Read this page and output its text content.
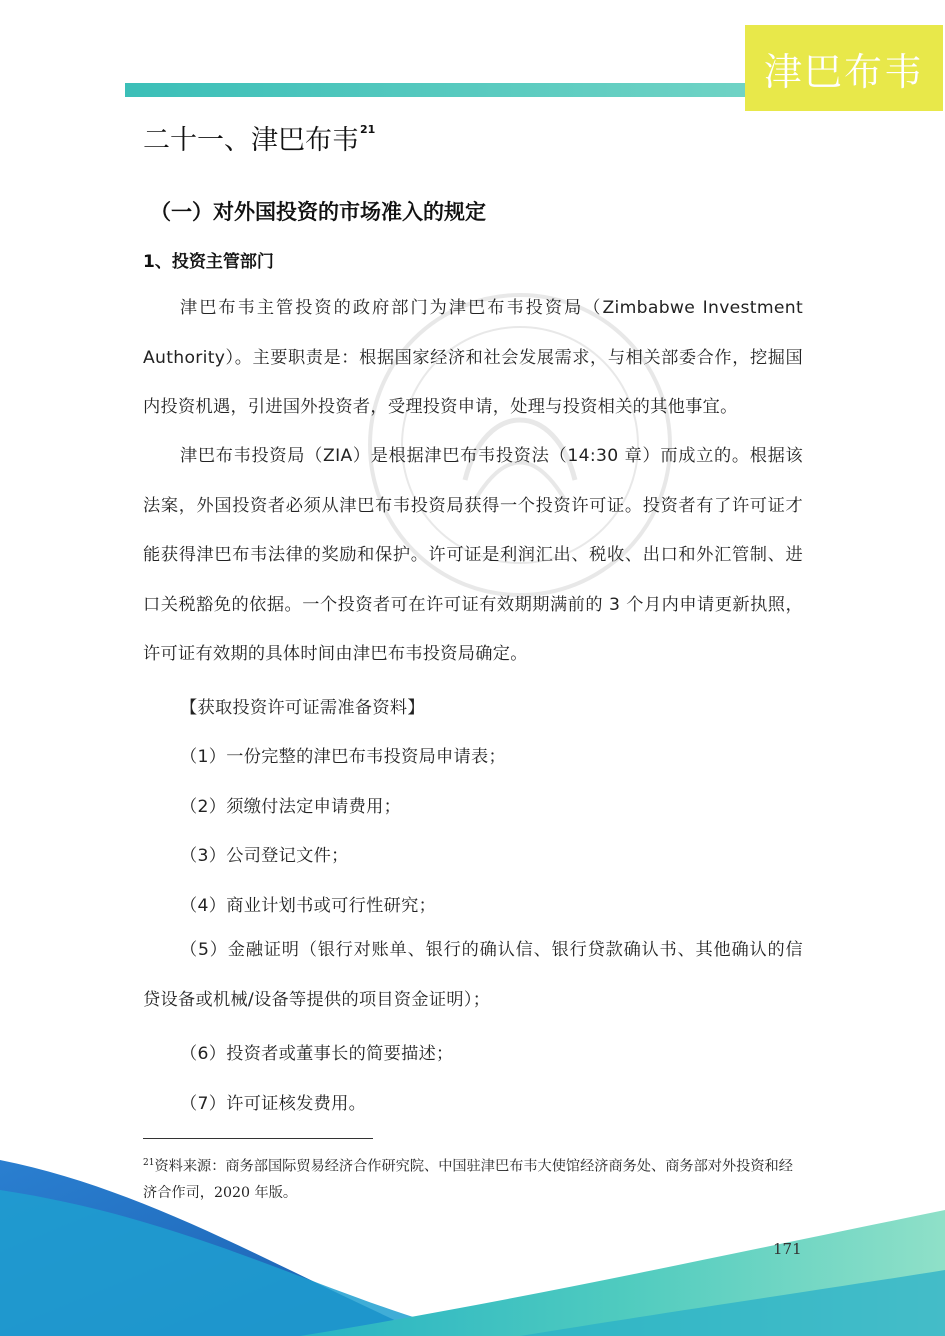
津巴布韦
二十一、津巴布韦$^{21}$
（一）对外国投资的市场准入的规定
1、投资主管部门
津巴布韦主管投资的政府部门为津巴布韦投资局（Zimbabwe Investment Authority）。主要职责是：根据国家经济和社会发展需求，与相关部委合作，挖掘国内投资机遇，引进国外投资者，受理投资申请，处理与投资相关的其他事宜。
津巴布韦投资局（ZIA）是根据津巴布韦投资法（14:30 章）而成立的。根据该法案，外国投资者必须从津巴布韦投资局获得一个投资许可证。投资者有了许可证才能获得津巴布韦法律的奖励和保护。许可证是利润汇出、税收、出口和外汇管制、进口关税豁免的依据。一个投资者可在许可证有效期期满前的 3 个月内申请更新执照，许可证有效期的具体时间由津巴布韦投资局确定。
【获取投资许可证需准备资料】
（1）一份完整的津巴布韦投资局申请表；
（2）须缴付法定申请费用；
（3）公司登记文件；
（4）商业计划书或可行性研究；
（5）金融证明（银行对账单、银行的确认信、银行贷款确认书、其他确认的信贷设备或机械/设备等提供的项目资金证明）；
（6）投资者或董事长的简要描述；
（7）许可证核发费用。
$^{21}$资料来源：商务部国际贸易经济合作研究院、中国驻津巴布韦大使馆经济商务处、商务部对外投资和经济合作司，2020 年版。
171
